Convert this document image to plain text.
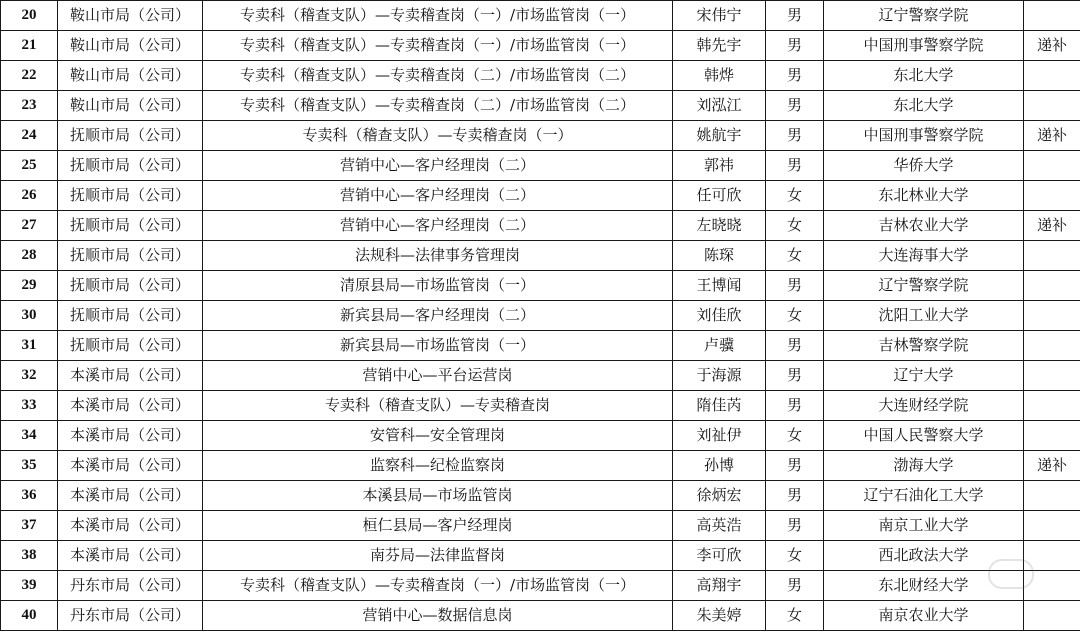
20	鞍山市局（公司）	专卖科（稽查支队）—专卖稽查岗（一）/市场监管岗（一）	宋伟宁	男	辽宁警察学院	
21	鞍山市局（公司）	专卖科（稽查支队）—专卖稽查岗（一）/市场监管岗（一）	韩先宇	男	中国刑事警察学院	递补
22	鞍山市局（公司）	专卖科（稽查支队）—专卖稽查岗（二）/市场监管岗（二）	韩烨	男	东北大学	
23	鞍山市局（公司）	专卖科（稽查支队）—专卖稽查岗（二）/市场监管岗（二）	刘泓江	男	东北大学	
24	抚顺市局（公司）	专卖科（稽查支队）—专卖稽查岗（一）	姚航宇	男	中国刑事警察学院	递补
25	抚顺市局（公司）	营销中心—客户经理岗（二）	郭祎	男	华侨大学	
26	抚顺市局（公司）	营销中心—客户经理岗（二）	任可欣	女	东北林业大学	
27	抚顺市局（公司）	营销中心—客户经理岗（二）	左晓晓	女	吉林农业大学	递补
28	抚顺市局（公司）	法规科—法律事务管理岗	陈琛	女	大连海事大学	
29	抚顺市局（公司）	清原县局—市场监管岗（一）	王博闻	男	辽宁警察学院	
30	抚顺市局（公司）	新宾县局—客户经理岗（二）	刘佳欣	女	沈阳工业大学	
31	抚顺市局（公司）	新宾县局—市场监管岗（一）	卢骥	男	吉林警察学院	
32	本溪市局（公司）	营销中心—平台运营岗	于海源	男	辽宁大学	
33	本溪市局（公司）	专卖科（稽查支队）—专卖稽查岗	隋佳芮	男	大连财经学院	
34	本溪市局（公司）	安管科—安全管理岗	刘祉伊	女	中国人民警察大学	
35	本溪市局（公司）	监察科—纪检监察岗	孙博	男	渤海大学	递补
36	本溪市局（公司）	本溪县局—市场监管岗	徐炳宏	男	辽宁石油化工大学	
37	本溪市局（公司）	桓仁县局—客户经理岗	高英浩	男	南京工业大学	
38	本溪市局（公司）	南芬局—法律监督岗	李可欣	女	西北政法大学	
39	丹东市局（公司）	专卖科（稽查支队）—专卖稽查岗（一）/市场监管岗（一）	高翔宇	男	东北财经大学	
40	丹东市局（公司）	营销中心—数据信息岗	朱美婷	女	南京农业大学	
